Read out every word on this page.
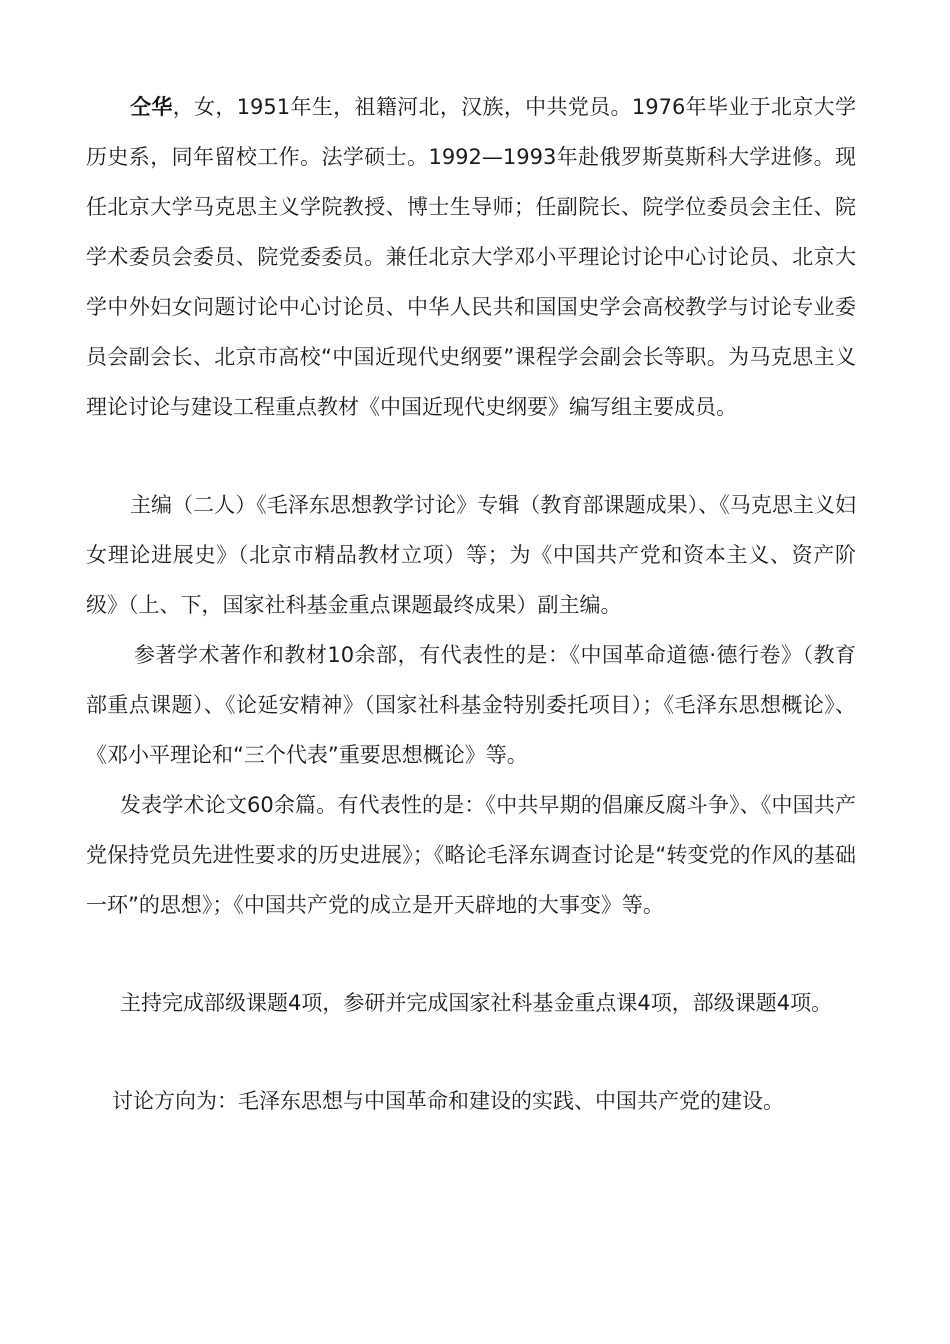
仝华，女，1951年生，祖籍河北，汉族，中共党员。1976年毕业于北京大学历史系，同年留校工作。法学硕士。1992—1993年赴俄罗斯莫斯科大学进修。现任北京大学马克思主义学院教授、博士生导师；任副院长、院学位委员会主任、院学术委员会委员、院党委委员。兼任北京大学邓小平理论讨论中心讨论员、北京大学中外妇女问题讨论中心讨论员、中华人民共和国国史学会高校教学与讨论专业委员会副会长、北京市高校“中国近现代史纲要”课程学会副会长等职。为马克思主义理论讨论与建设工程重点教材《中国近现代史纲要》编写组主要成员。

主编（二人）《毛泽东思想教学讨论》专辑（教育部课题成果）、《马克思主义妇女理论进展史》（北京市精品教材立项）等；为《中国共产党和资本主义、资产阶级》（上、下，国家社科基金重点课题最终成果）副主编。

参著学术著作和教材10余部，有代表性的是：《中国革命道德·德行卷》（教育部重点课题）、《论延安精神》（国家社科基金特别委托项目）；《毛泽东思想概论》、《邓小平理论和“三个代表”重要思想概论》等。

发表学术论文60余篇。有代表性的是：《中共早期的倡廉反腐斗争》、《中国共产党保持党员先进性要求的历史进展》；《略论毛泽东调查讨论是“转变党的作风的基础一环”的思想》；《中国共产党的成立是开天辟地的大事变》等。

主持完成部级课题4项，参研并完成国家社科基金重点课4项，部级课题4项。

讨论方向为：毛泽东思想与中国革命和建设的实践、中国共产党的建设。
